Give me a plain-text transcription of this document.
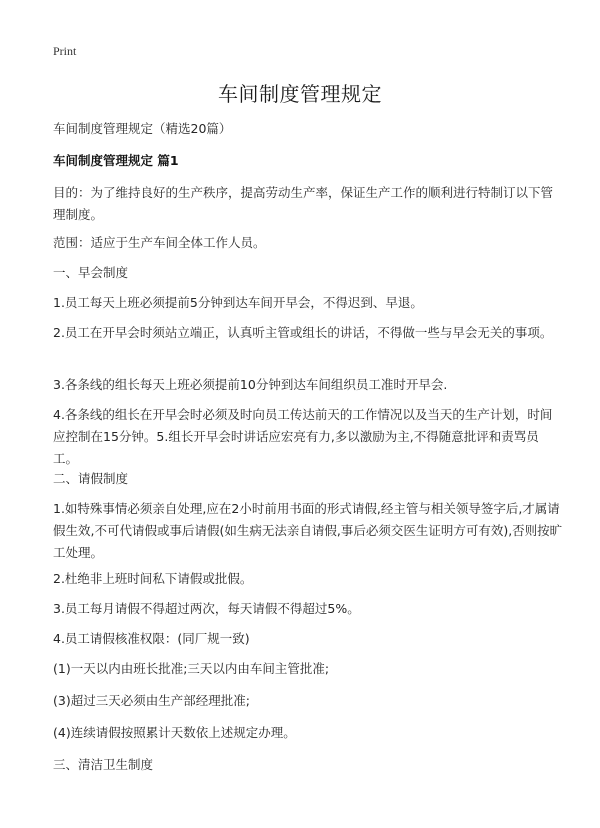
Print
车间制度管理规定
车间制度管理规定（精选20篇）
车间制度管理规定 篇1
目的：为了维持良好的生产秩序，提高劳动生产率，保证生产工作的顺利进行特制订以下管理制度。
范围：适应于生产车间全体工作人员。
一、早会制度
1.员工每天上班必须提前5分钟到达车间开早会，不得迟到、早退。
2.员工在开早会时须站立端正，认真听主管或组长的讲话，不得做一些与早会无关的事项。
3.各条线的组长每天上班必须提前10分钟到达车间组织员工准时开早会.
4.各条线的组长在开早会时必须及时向员工传达前天的工作情况以及当天的生产计划，时间应控制在15分钟。5.组长开早会时讲话应宏亮有力,多以激励为主,不得随意批评和责骂员工。
二、请假制度
1.如特殊事情必须亲自处理,应在2小时前用书面的形式请假,经主管与相关领导签字后,才属请假生效,不可代请假或事后请假(如生病无法亲自请假,事后必须交医生证明方可有效),否则按旷工处理。
2.杜绝非上班时间私下请假或批假。
3.员工每月请假不得超过两次，每天请假不得超过5%。
4.员工请假核准权限：(同厂规一致)
(1)一天以内由班长批准;三天以内由车间主管批准;
(3)超过三天必须由生产部经理批准;
(4)连续请假按照累计天数依上述规定办理。
三、清洁卫生制度
